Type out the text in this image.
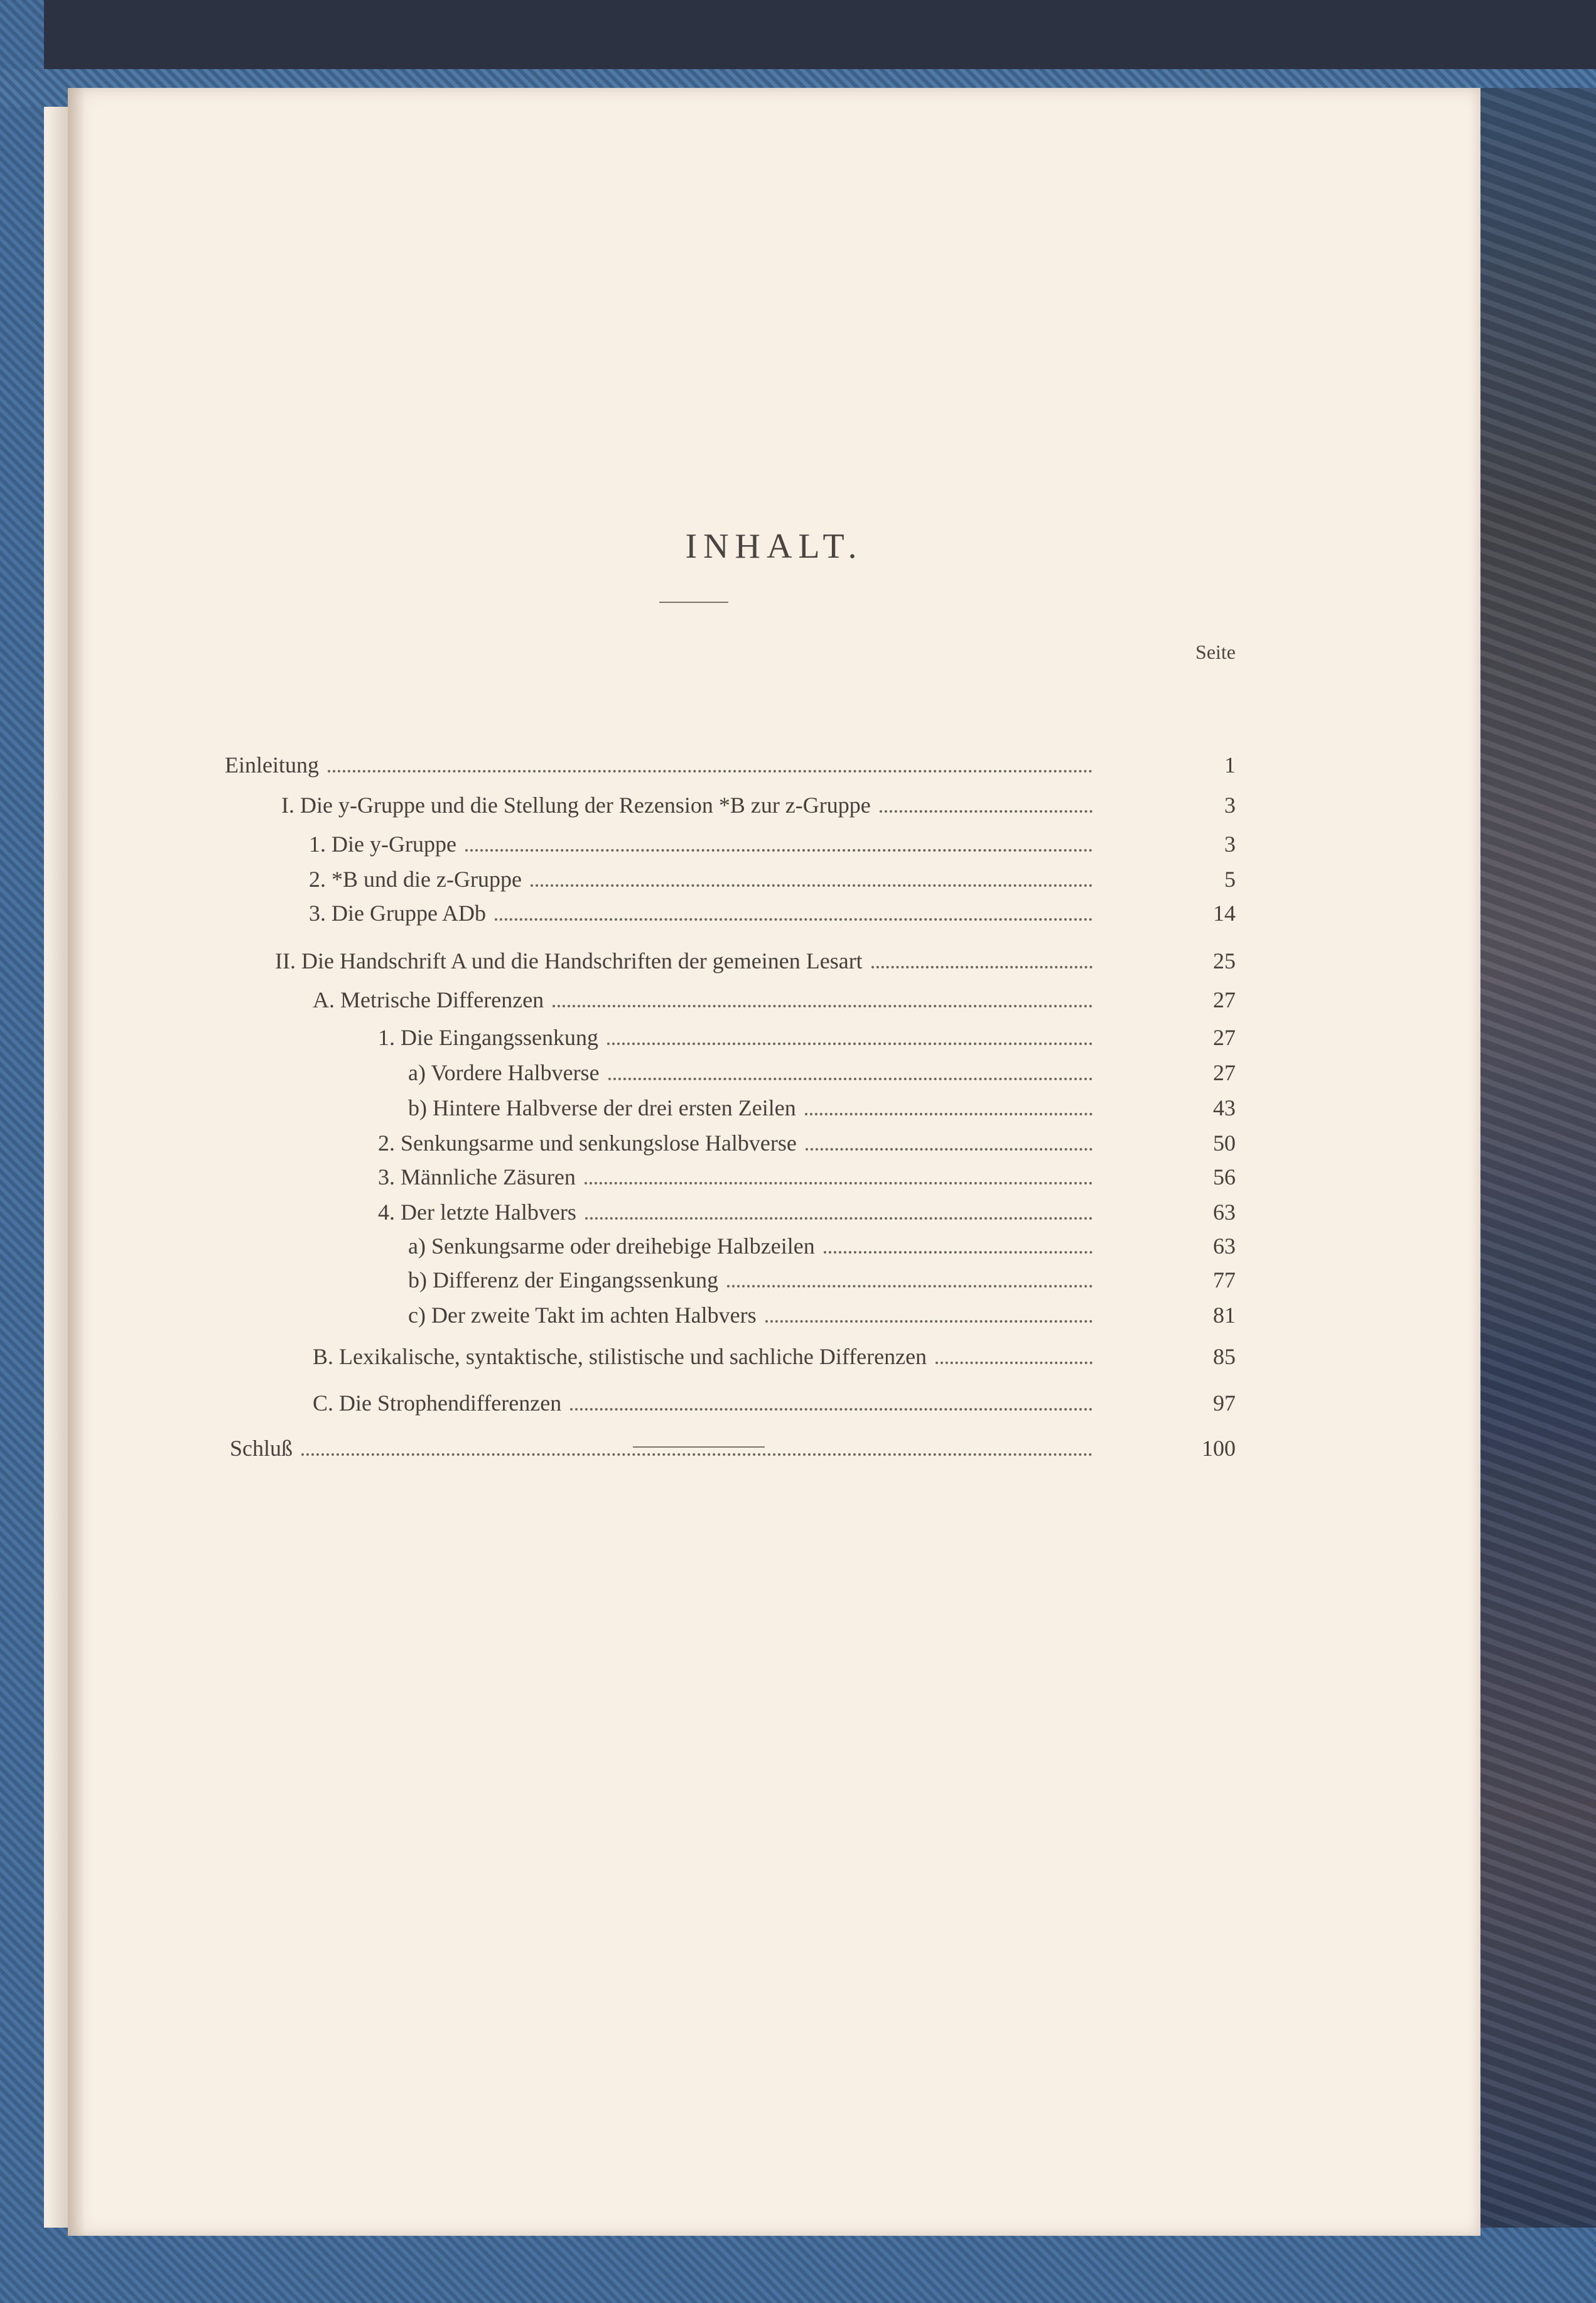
INHALT.
Seite
Einleitung	1
I. Die y-Gruppe und die Stellung der Rezension *B zur z-Gruppe	3
1. Die y-Gruppe	3
2. *B und die z-Gruppe	5
3. Die Gruppe ADb	14
II. Die Handschrift A und die Handschriften der gemeinen Lesart	25
A. Metrische Differenzen	27
1. Die Eingangssenkung	27
a) Vordere Halbverse	27
b) Hintere Halbverse der drei ersten Zeilen	43
2. Senkungsarme und senkungslose Halbverse	50
3. Männliche Zäsuren	56
4. Der letzte Halbvers	63
a) Senkungsarme oder dreihebige Halbzeilen	63
b) Differenz der Eingangssenkung	77
c) Der zweite Takt im achten Halbvers	81
B. Lexikalische, syntaktische, stilistische und sachliche Differenzen	85
C. Die Strophendifferenzen	97
Schluß	100
